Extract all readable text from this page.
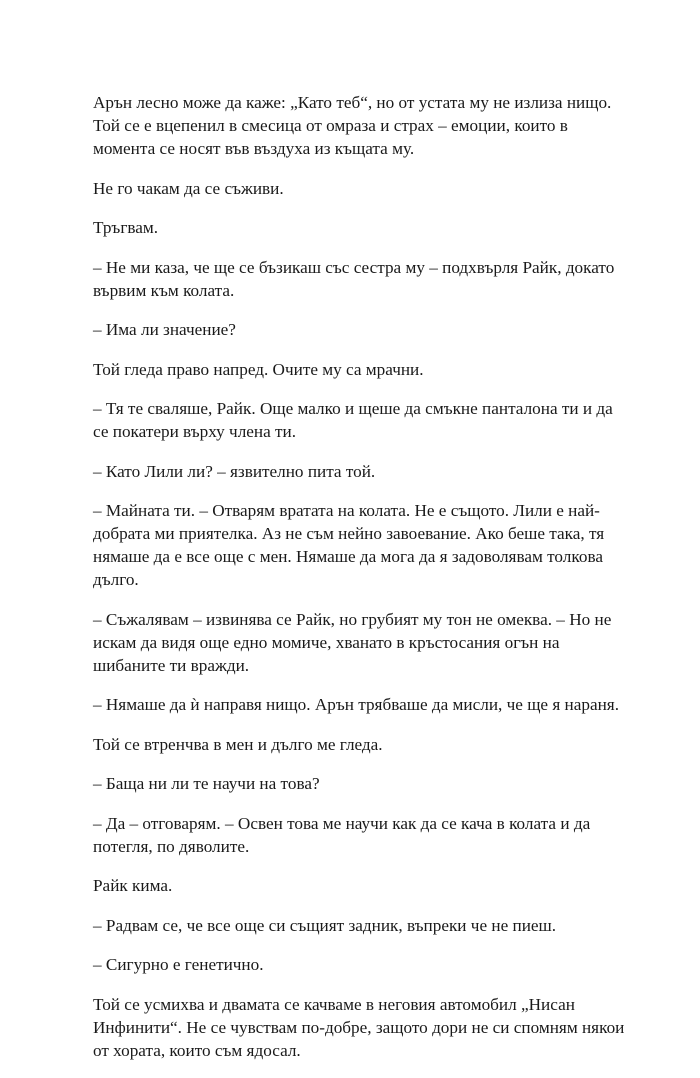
Арън лесно може да каже: „Като теб“, но от устата му не излиза нищо. Той се е вцепенил в смесица от омраза и страх – емоции, които в момента се носят във въздуха из къщата му.

Не го чакам да се съживи.

Тръгвам.

– Не ми каза, че ще се бъзикаш със сестра му – подхвърля Райк, докато вървим към колата.

– Има ли значение?

Той гледа право напред. Очите му са мрачни.

– Тя те сваляше, Райк. Още малко и щеше да смъкне панталона ти и да се покатери върху члена ти.

– Като Лили ли? – язвително пита той.

– Майната ти. – Отварям вратата на колата. Не е същото. Лили е най-добрата ми приятелка. Аз не съм нейно завоевание. Ако беше така, тя нямаше да е все още с мен. Нямаше да мога да я задоволявам толкова дълго.

– Съжалявам – извинява се Райк, но грубият му тон не омеква. – Но не искам да видя още едно момиче, хванато в кръстосания огън на шибаните ти вражди.

– Нямаше да ѝ направя нищо. Арън трябваше да мисли, че ще я нараня.

Той се втренчва в мен и дълго ме гледа.

– Баща ни ли те научи на това?

– Да – отговарям. – Освен това ме научи как да се кача в колата и да потегля, по дяволите.

Райк кима.

– Радвам се, че все още си същият задник, въпреки че не пиеш.

– Сигурно е генетично.

Той се усмихва и двамата се качваме в неговия автомобил „Нисан Инфинити“. Не се чувствам по-добре, защото дори не си спомням някои от хората, които съм ядосал.
